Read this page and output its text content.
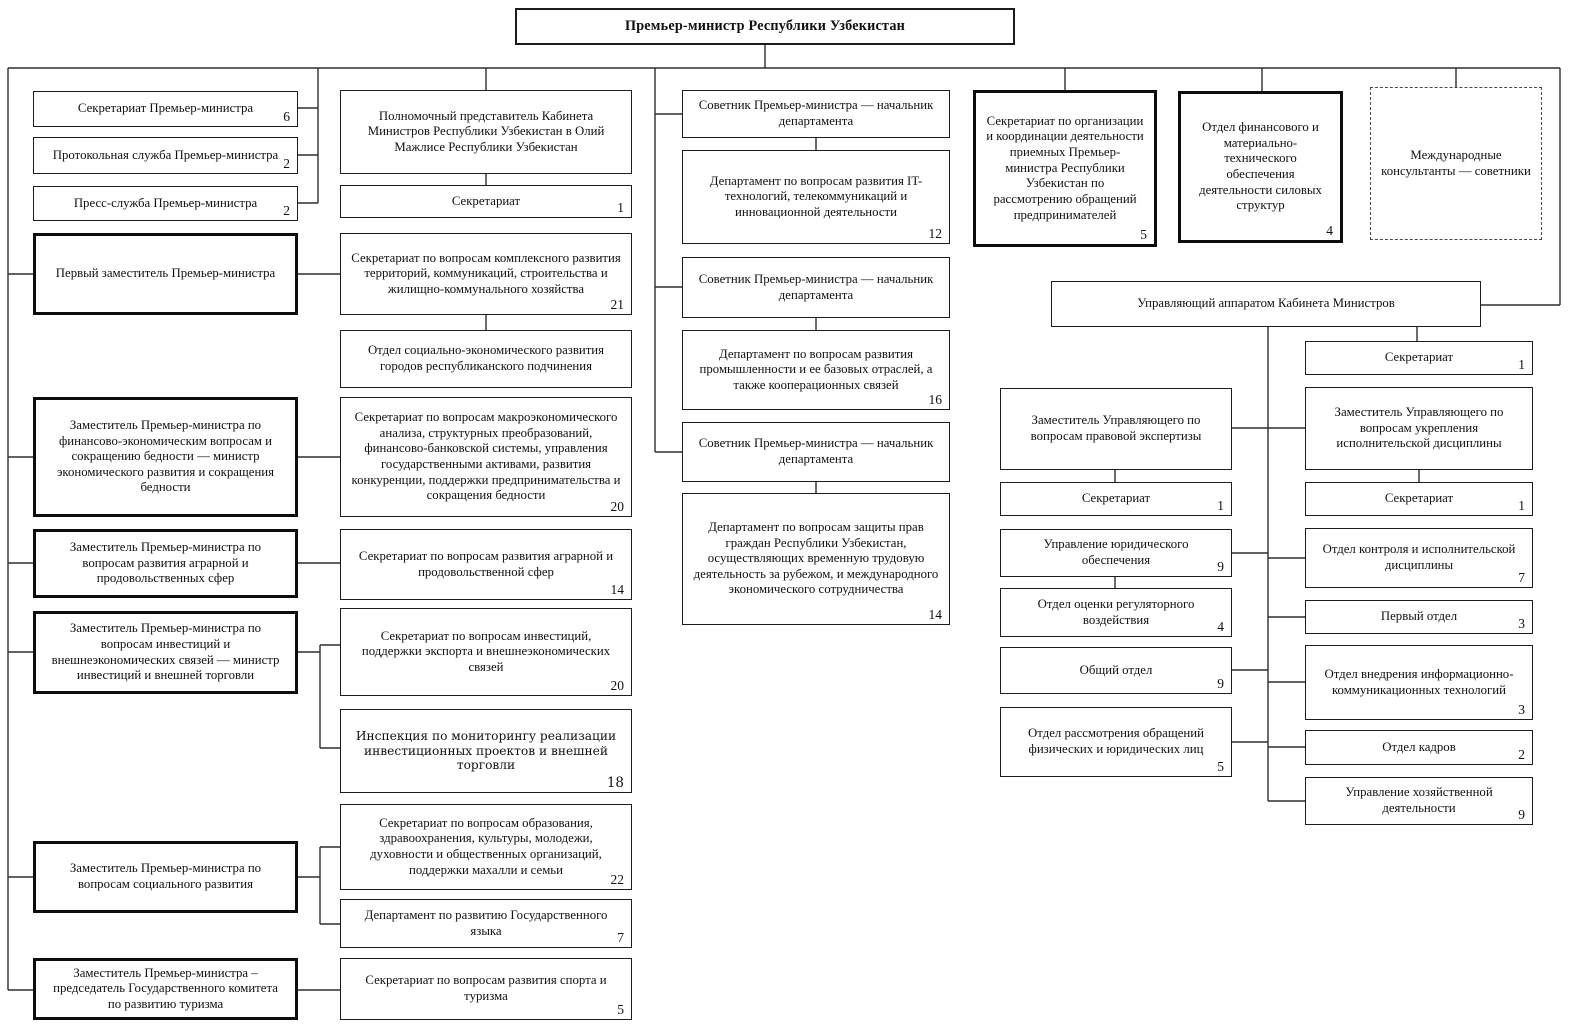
Премьер-министр Республики Узбекистан
Секретариат Премьер-министра
6
Протокольная служба Премьер-министра
2
Пресс-служба Премьер-министра
2
Первый заместитель Премьер-министра
Заместитель Премьер-министра по финансово-экономическим вопросам и сокращению бедности — министр экономического развития и сокращения бедности
Заместитель Премьер-министра по вопросам развития аграрной и продовольственных сфер
Заместитель Премьер-министра по вопросам инвестиций и внешнеэкономических связей — министр инвестиций и внешней торговли
Заместитель Премьер-министра по вопросам социального развития
Заместитель Премьер-министра – председатель Государственного комитета по развитию туризма
Полномочный представитель Кабинета Министров Республики Узбекистан в Олий Мажлисе Республики Узбекистан
Секретариат	1
Секретариат по вопросам комплексного развития территорий, коммуникаций, строительства и жилищно-коммунального хозяйства
21
Отдел социально-экономического развития городов республиканского подчинения
Секретариат по вопросам макроэкономического анализа, структурных преобразований, финансово-банковской системы, управления государственными активами, развития конкуренции, поддержки предпринимательства и сокращения бедности
20
Секретариат по вопросам развития аграрной и продовольственной сфер
14
Секретариат по вопросам инвестиций, поддержки экспорта и внешнеэкономических связей
20
Инспекция по мониторингу реализации инвестиционных проектов и внешней торговли
18
Секретариат по вопросам образования, здравоохранения, культуры, молодежи, духовности и общественных организаций, поддержки махалли и семьи
22
Департамент по развитию Государственного языка	7
Секретариат по вопросам развития спорта и туризма
5
Советник Премьер-министра — начальник департамента
Департамент по вопросам развития IT-технологий, телекоммуникаций и инновационной деятельности
12
Советник Премьер-министра — начальник департамента
Департамент по вопросам развития промышленности и ее базовых отраслей, а также кооперационных связей
16
Советник Премьер-министра — начальник департамента
Департамент по вопросам защиты прав граждан Республики Узбекистан, осуществляющих временную трудовую деятельность за рубежом, и международного экономического сотрудничества
14
Секретариат по организации и координации деятельности приемных Премьер-министра Республики Узбекистан по рассмотрению обращений предпринимателей
5
Отдел финансового и материально-технического обеспечения деятельности силовых структур
4
Международные консультанты — советники
Управляющий аппаратом Кабинета Министров
Заместитель Управляющего по вопросам правовой экспертизы
Секретариат	1
Управление юридического обеспечения	9
Отдел оценки регуляторного воздействия	4
Общий отдел
9
Отдел рассмотрения обращений физических и юридических лиц
5
Секретариат	1
Заместитель Управляющего по вопросам укрепления исполнительской дисциплины
Секретариат	1
Отдел контроля и исполнительской дисциплины
7
Первый отдел	3
Отдел внедрения информационно-коммуникационных технологий
3
Отдел кадров
2
Управление хозяйственной деятельности	9
